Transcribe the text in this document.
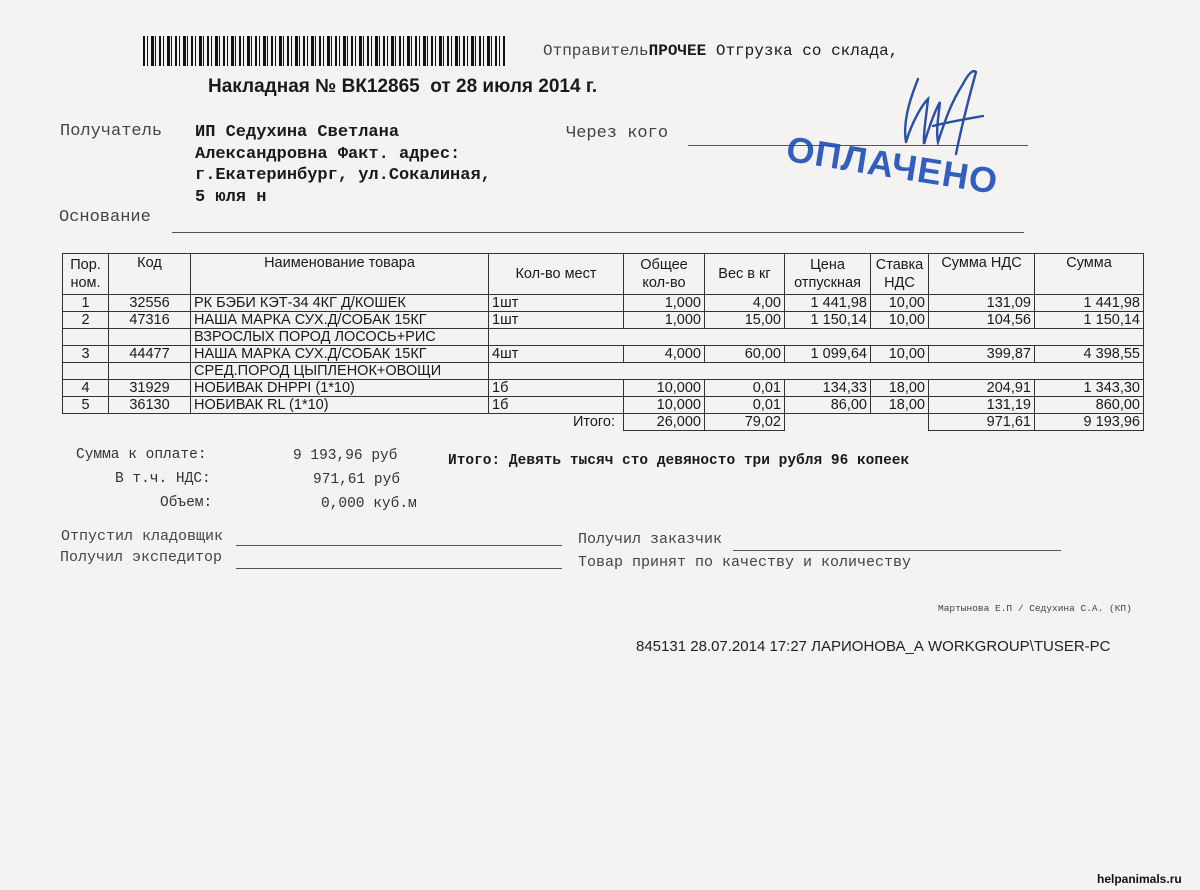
ОтправительПРОЧЕЕ Отгрузка со склада,
Накладная № ВК12865  от 28 июля 2014 г.
Получатель ИП Седухина Светлана
Александровна Факт. адрес:
г.Екатеринбург, ул.Сокалиная,
5 юля н
Через кого
Основание
ОПЛАЧЕНО
Пор. ном.	Код	Наименование товара	Кол-во мест	Общее кол-во	Вес в кг	Цена отпускная	Ставка НДС	Сумма НДС	Сумма
1	32556	РК БЭБИ КЭТ-34 4КГ Д/КОШЕК	1шт	1,000	4,00	1 441,98	10,00	131,09	1 441,98
2	47316	НАША МАРКА СУХ.Д/СОБАК 15КГ	1шт	1,000	15,00	1 150,14	10,00	104,56	1 150,14
		ВЗРОСЛЫХ ПОРОД ЛОСОСЬ+РИС							
3	44477	НАША МАРКА СУХ.Д/СОБАК 15КГ	4шт	4,000	60,00	1 099,64	10,00	399,87	4 398,55
		СРЕД.ПОРОД ЦЫПЛЕНОК+ОВОЩИ							
4	31929	НОБИВАК DHPPI (1*10)	1б	10,000	0,01	134,33	18,00	204,91	1 343,30
5	36130	НОБИВАК RL (1*10)	1б	10,000	0,01	86,00	18,00	131,19	860,00
		Итого:		26,000	79,02			971,61	9 193,96
Сумма к оплате:	9 193,96 руб
В т.ч. НДС:	971,61 руб
Объем:	0,000 куб.м
Итого: Девять тысяч сто девяносто три рубля 96 копеек
Отпустил кладовщик
Получил экспедитор
Получил заказчик
Товар принят по качеству и количеству
Мартынова Е.П / Седухина С.А. (КП)
845131 28.07.2014 17:27 ЛАРИОНОВА_А WORKGROUP\TUSER-PC
helpanimals.ru
